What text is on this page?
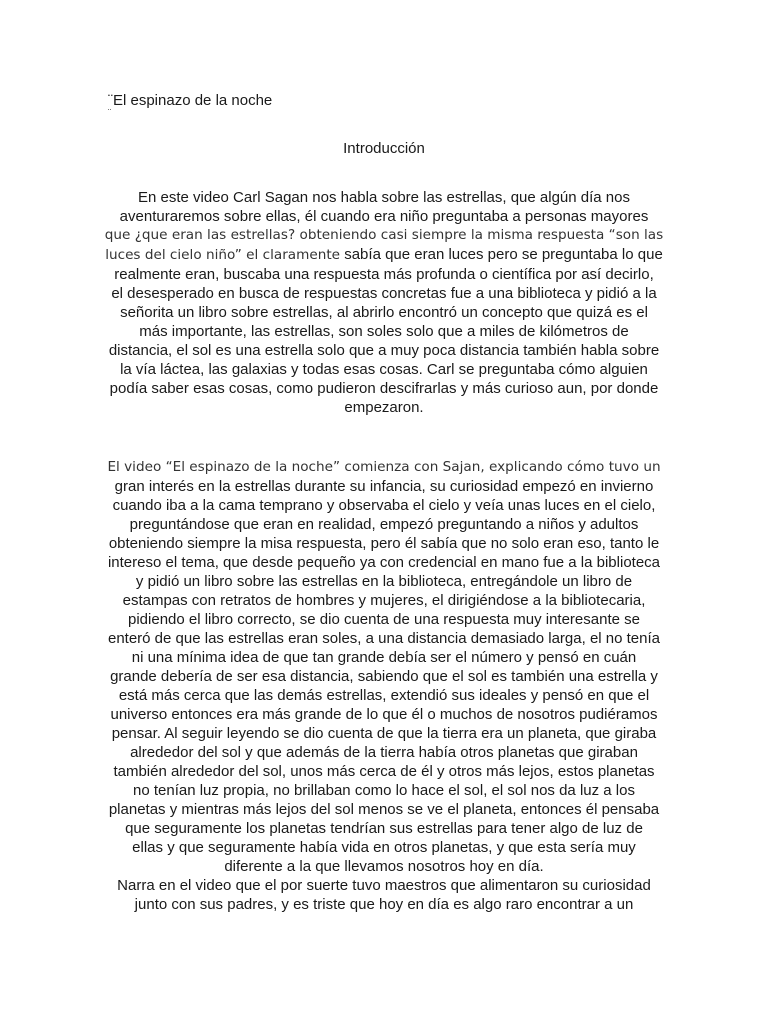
¨El espinazo de la noche
¨
Introducción
En este video Carl Sagan nos habla sobre las estrellas, que algún día nos
aventuraremos sobre ellas, él cuando era niño preguntaba a personas mayores
que ¿que eran las estrellas? obteniendo casi siempre la misma respuesta “son las
luces del cielo niño” el claramente sabía que eran luces pero se preguntaba lo que
realmente eran, buscaba una respuesta más profunda o científica por así decirlo,
el desesperado en busca de respuestas concretas fue a una biblioteca y pidió a la
señorita un libro sobre estrellas, al abrirlo encontró un concepto que quizá es el
más importante, las estrellas, son soles solo que a miles de kilómetros de
distancia, el sol es una estrella solo que a muy poca distancia también habla sobre
la vía láctea, las galaxias y todas esas cosas. Carl se preguntaba cómo alguien
podía saber esas cosas, como pudieron descifrarlas y más curioso aun, por donde
empezaron.
El video “El espinazo de la noche” comienza con Sajan, explicando cómo tuvo un
gran interés en la estrellas durante su infancia, su curiosidad empezó en invierno
cuando iba a la cama temprano y observaba el cielo y veía unas luces en el cielo,
preguntándose que eran en realidad, empezó preguntando a niños y adultos
obteniendo siempre la misa respuesta, pero él sabía que no solo eran eso, tanto le
intereso el tema, que desde pequeño ya con credencial en mano fue a la biblioteca
y pidió un libro sobre las estrellas en la biblioteca, entregándole un libro de
estampas con retratos de hombres y mujeres, el dirigiéndose a la bibliotecaria,
pidiendo el libro correcto, se dio cuenta de una respuesta muy interesante se
enteró de que las estrellas eran soles, a una distancia demasiado larga, el no tenía
ni una mínima idea de que tan grande debía ser el número y pensó en cuán
grande debería de ser esa distancia, sabiendo que el sol es también una estrella y
está más cerca que las demás estrellas, extendió sus ideales y pensó en que el
universo entonces era más grande de lo que él o muchos de nosotros pudiéramos
pensar. Al seguir leyendo se dio cuenta de que la tierra era un planeta, que giraba
alrededor del sol y que además de la tierra había otros planetas que giraban
también alrededor del sol, unos más cerca de él y otros más lejos, estos planetas
no tenían luz propia, no brillaban como lo hace el sol, el sol nos da luz a los
planetas y mientras más lejos del sol menos se ve el planeta, entonces él pensaba
que seguramente los planetas tendrían sus estrellas para tener algo de luz de
ellas y que seguramente había vida en otros planetas, y que esta sería muy
diferente a la que llevamos nosotros hoy en día.
Narra en el video que el por suerte tuvo maestros que alimentaron su curiosidad
junto con sus padres, y es triste que hoy en día es algo raro encontrar a un
